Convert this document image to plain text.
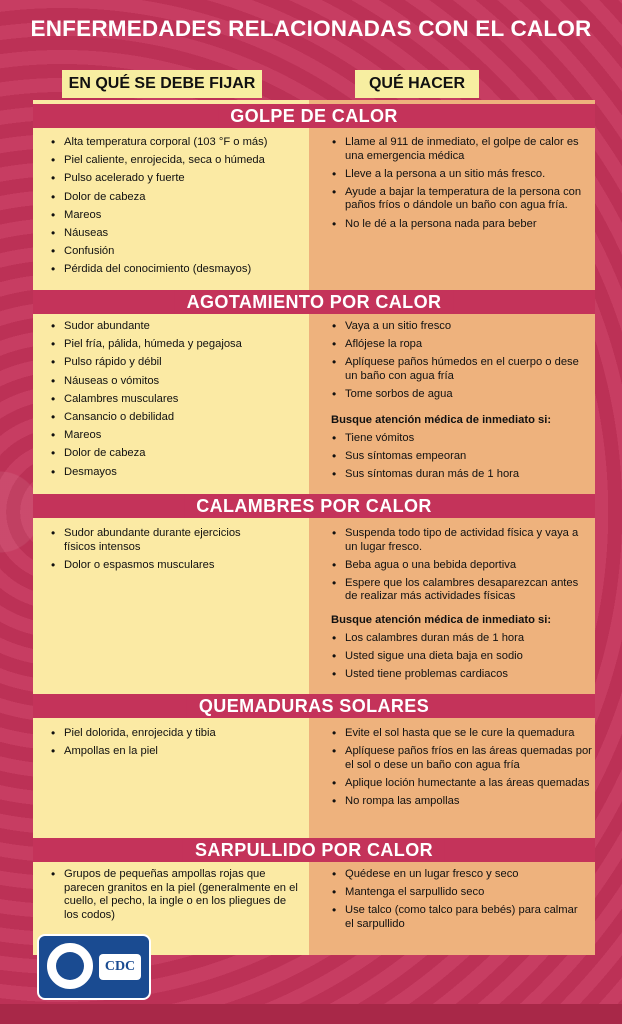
ENFERMEDADES RELACIONADAS CON EL CALOR
EN QUÉ SE DEBE FIJAR	QUÉ HACER
GOLPE DE CALOR
• Alta temperatura corporal (103 °F o más)
• Piel caliente, enrojecida, seca o húmeda
• Pulso acelerado y fuerte
• Dolor de cabeza
• Mareos
• Náuseas
• Confusión
• Pérdida del conocimiento (desmayos)
• Llame al 911 de inmediato, el golpe de calor es una emergencia médica
• Lleve a la persona a un sitio más fresco.
• Ayude a bajar la temperatura de la persona con paños fríos o dándole un baño con agua fría.
• No le dé a la persona nada para beber
AGOTAMIENTO POR CALOR
• Sudor abundante
• Piel fría, pálida, húmeda y pegajosa
• Pulso rápido y débil
• Náuseas o vómitos
• Calambres musculares
• Cansancio o debilidad
• Mareos
• Dolor de cabeza
• Desmayos
• Vaya a un sitio fresco
• Aflójese la ropa
• Aplíquese paños húmedos en el cuerpo o dese un baño con agua fría
• Tome sorbos de agua
Busque atención médica de inmediato si:
• Tiene vómitos
• Sus síntomas empeoran
• Sus síntomas duran más de 1 hora
CALAMBRES POR CALOR
• Sudor abundante durante ejercicios físicos intensos
• Dolor o espasmos musculares
• Suspenda todo tipo de actividad física y vaya a un lugar fresco.
• Beba agua o una bebida deportiva
• Espere que los calambres desaparezcan antes de realizar más actividades físicas
Busque atención médica de inmediato si:
• Los calambres duran más de 1 hora
• Usted sigue una dieta baja en sodio
• Usted tiene problemas cardiacos
QUEMADURAS SOLARES
• Piel dolorida, enrojecida y tibia
• Ampollas en la piel
• Evite el sol hasta que se le cure la quemadura
• Aplíquese paños fríos en las áreas quemadas por el sol o dese un baño con agua fría
• Aplique loción humectante a las áreas quemadas
• No rompa las ampollas
SARPULLIDO POR CALOR
• Grupos de pequeñas ampollas rojas que parecen granitos en la piel (generalmente en el cuello, el pecho, la ingle o en los pliegues de los codos)
• Quédese en un lugar fresco y seco
• Mantenga el sarpullido seco
• Use talco (como talco para bebés) para calmar el sarpullido
CDC
